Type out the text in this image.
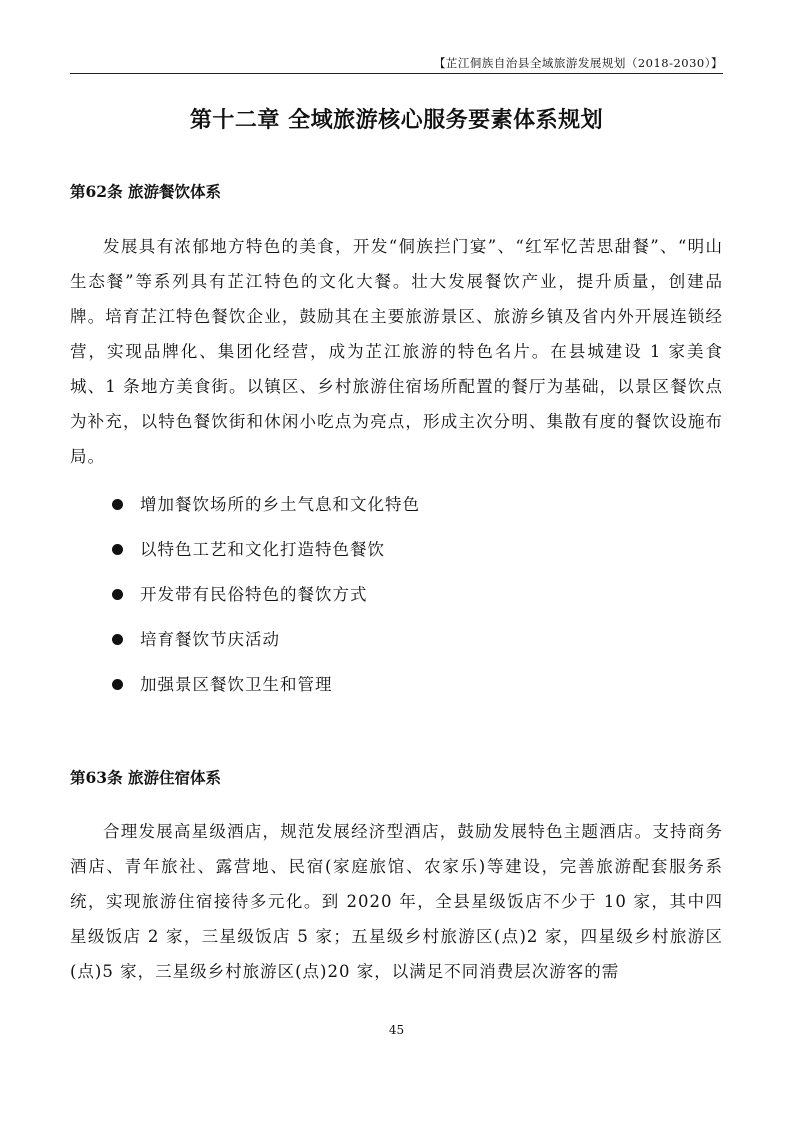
【芷江侗族自治县全域旅游发展规划（2018-2030）】
第十二章 全域旅游核心服务要素体系规划
第62条 旅游餐饮体系

发展具有浓郁地方特色的美食，开发“侗族拦门宴”、“红军忆苦思甜餐”、“明山生态餐”等系列具有芷江特色的文化大餐。壮大发展餐饮产业，提升质量，创建品牌。培育芷江特色餐饮企业，鼓励其在主要旅游景区、旅游乡镇及省内外开展连锁经营，实现品牌化、集团化经营，成为芷江旅游的特色名片。在县城建设 1 家美食城、1 条地方美食街。以镇区、乡村旅游住宿场所配置的餐厅为基础，以景区餐饮点为补充，以特色餐饮街和休闲小吃点为亮点，形成主次分明、集散有度的餐饮设施布局。

增加餐饮场所的乡土气息和文化特色
以特色工艺和文化打造特色餐饮
开发带有民俗特色的餐饮方式
培育餐饮节庆活动
加强景区餐饮卫生和管理
第63条 旅游住宿体系

合理发展高星级酒店，规范发展经济型酒店，鼓励发展特色主题酒店。支持商务酒店、青年旅社、露营地、民宿(家庭旅馆、农家乐)等建设，完善旅游配套服务系统，实现旅游住宿接待多元化。到 2020 年，全县星级饭店不少于 10 家，其中四星级饭店 2 家，三星级饭店 5 家；五星级乡村旅游区(点)2 家，四星级乡村旅游区(点)5 家，三星级乡村旅游区(点)20 家，以满足不同消费层次游客的需

45
